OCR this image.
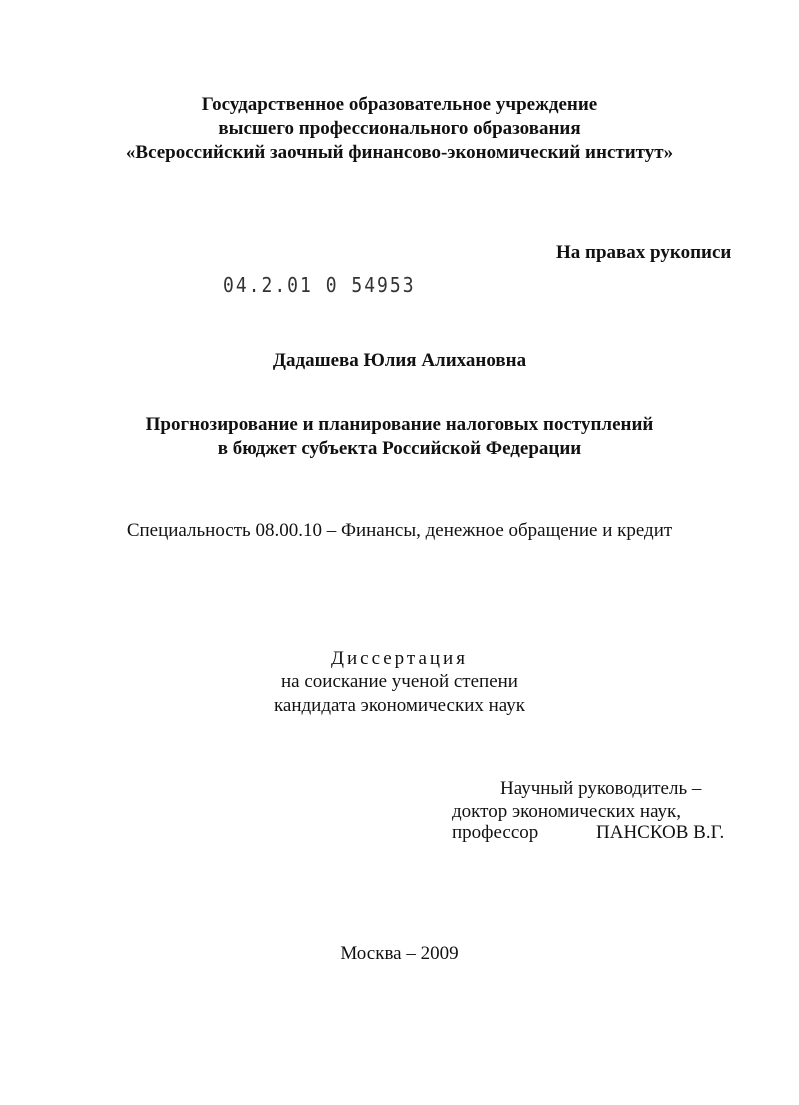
Государственное образовательное учреждение
высшего профессионального образования
«Всероссийский заочный финансово-экономический институт»
На правах рукописи
04.2.01 0 54953
Дадашева Юлия Алихановна
Прогнозирование и планирование налоговых поступлений
в бюджет субъекта Российской Федерации
Специальность 08.00.10 – Финансы, денежное обращение и кредит
Диссертация
на соискание ученой степени
кандидата экономических наук
Научный руководитель –
доктор экономических наук,
профессор	ПАНСКОВ В.Г.
Москва – 2009
